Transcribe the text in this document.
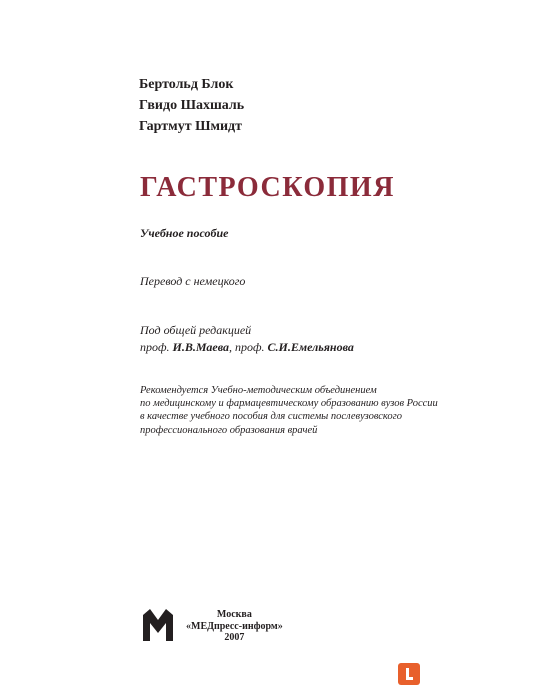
Бертольд Блок
Гвидо Шахшаль
Гартмут Шмидт
ГАСТРОСКОПИЯ
Учебное пособие
Перевод с немецкого
Под общей редакцией
проф. И.В.Маева, проф. С.И.Емельянова
Рекомендуется Учебно-методическим объединением
по медицинскому и фармацевтическому образованию вузов России
в качестве учебного пособия для системы послевузовского
профессионального образования врачей
Москва
«МЕДпресс-информ»
2007
